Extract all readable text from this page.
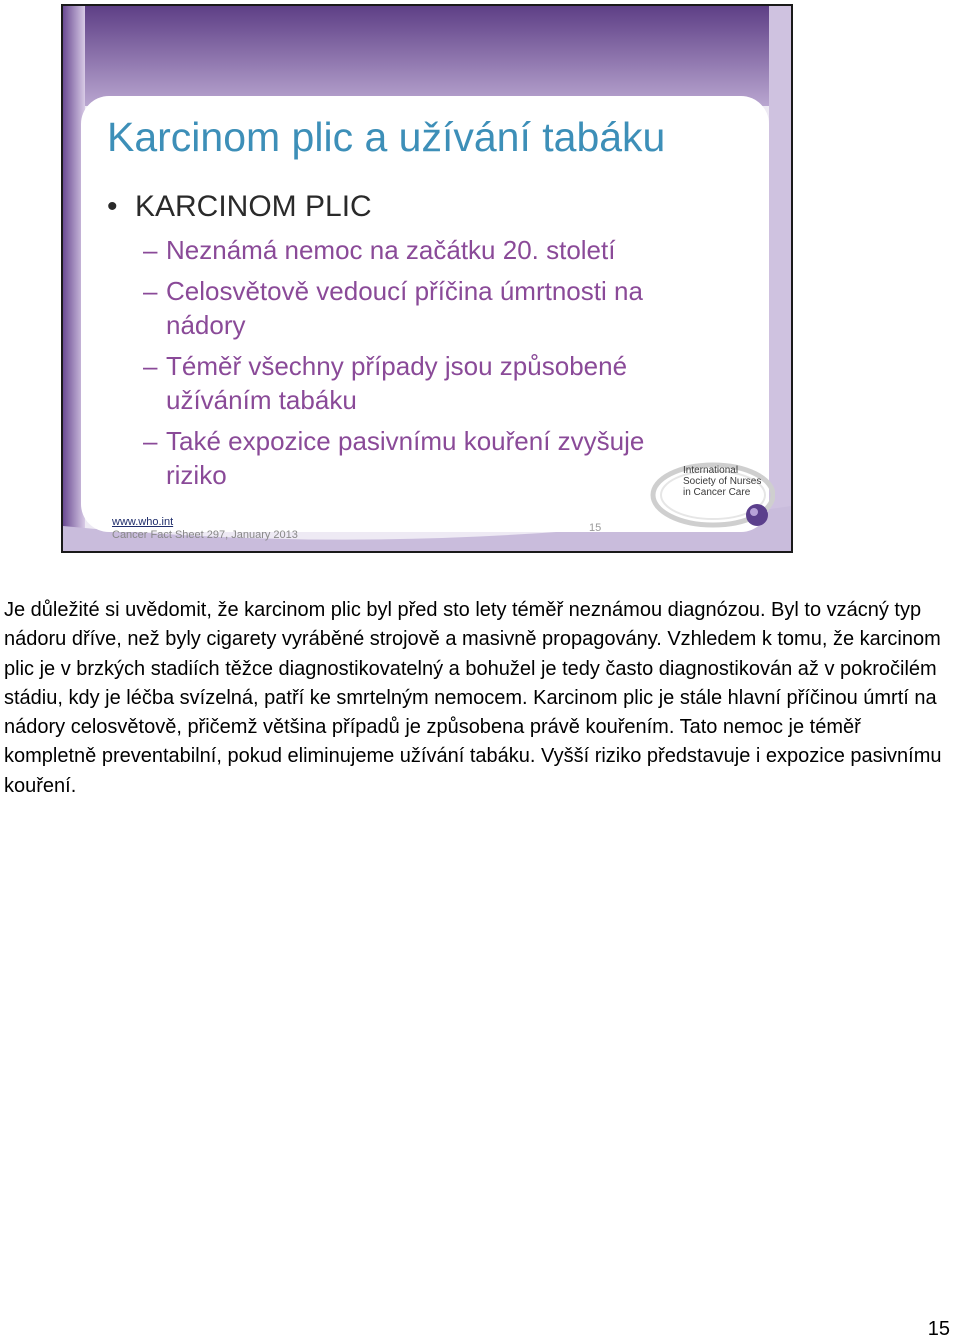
Karcinom plic a užívání tabáku
• KARCINOM PLIC
– Neznámá nemoc na začátku 20. století
– Celosvětově vedoucí příčina úmrtnosti na nádory
– Téměř všechny případy jsou způsobené užíváním tabáku
– Také expozice pasivnímu kouření zvyšuje riziko	International
Society of Nurses
in Cancer Care
www.who.int
Cancer Fact Sheet 297, January 2013
15

Je důležité si uvědomit, že karcinom plic byl před sto lety téměř neznámou diagnózou. Byl to vzácný typ nádoru dříve, než byly cigarety vyráběné strojově a masivně propagovány. Vzhledem k tomu, že karcinom plic je v brzkých stadiích těžce diagnostikovatelný a bohužel je tedy často diagnostikován až v pokročilém stádiu, kdy je léčba svízelná, patří ke smrtelným nemocem. Karcinom plic je stále hlavní příčinou úmrtí na nádory celosvětově, přičemž většina případů je způsobena právě kouřením. Tato nemoc je téměř kompletně preventabilní, pokud eliminujeme užívání tabáku. Vyšší riziko představuje i expozice pasivnímu kouření.

15
